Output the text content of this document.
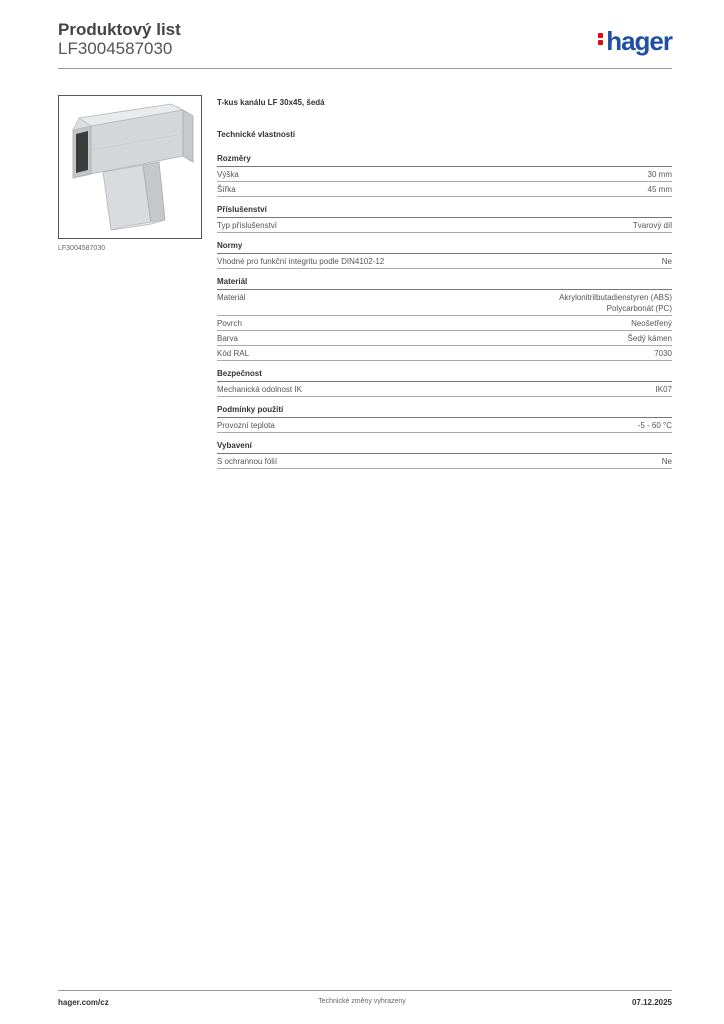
Produktový list
LF3004587030	hager
LF3004587030
T-kus kanálu LF 30x45, šedá
Technické vlastnosti
Rozměry
Výška	30 mm
Šířka	45 mm
Příslušenství
Typ příslušenství	Tvarový díl
Normy
Vhodné pro funkční integritu podle DIN4102-12	Ne
Materiál
Materiál	Akrylonitrilbutadienstyren (ABS)
Polycarbonát (PC)
Povrch	Neošetřený
Barva	Šedý kámen
Kód RAL	7030
Bezpečnost
Mechanická odolnost IK	IK07
Podmínky použití
Provozní teplota	-5 - 60 °C
Vybavení
S ochrannou fólií	Ne
hager.com/cz	Technické změny vyhrazeny	07.12.2025
